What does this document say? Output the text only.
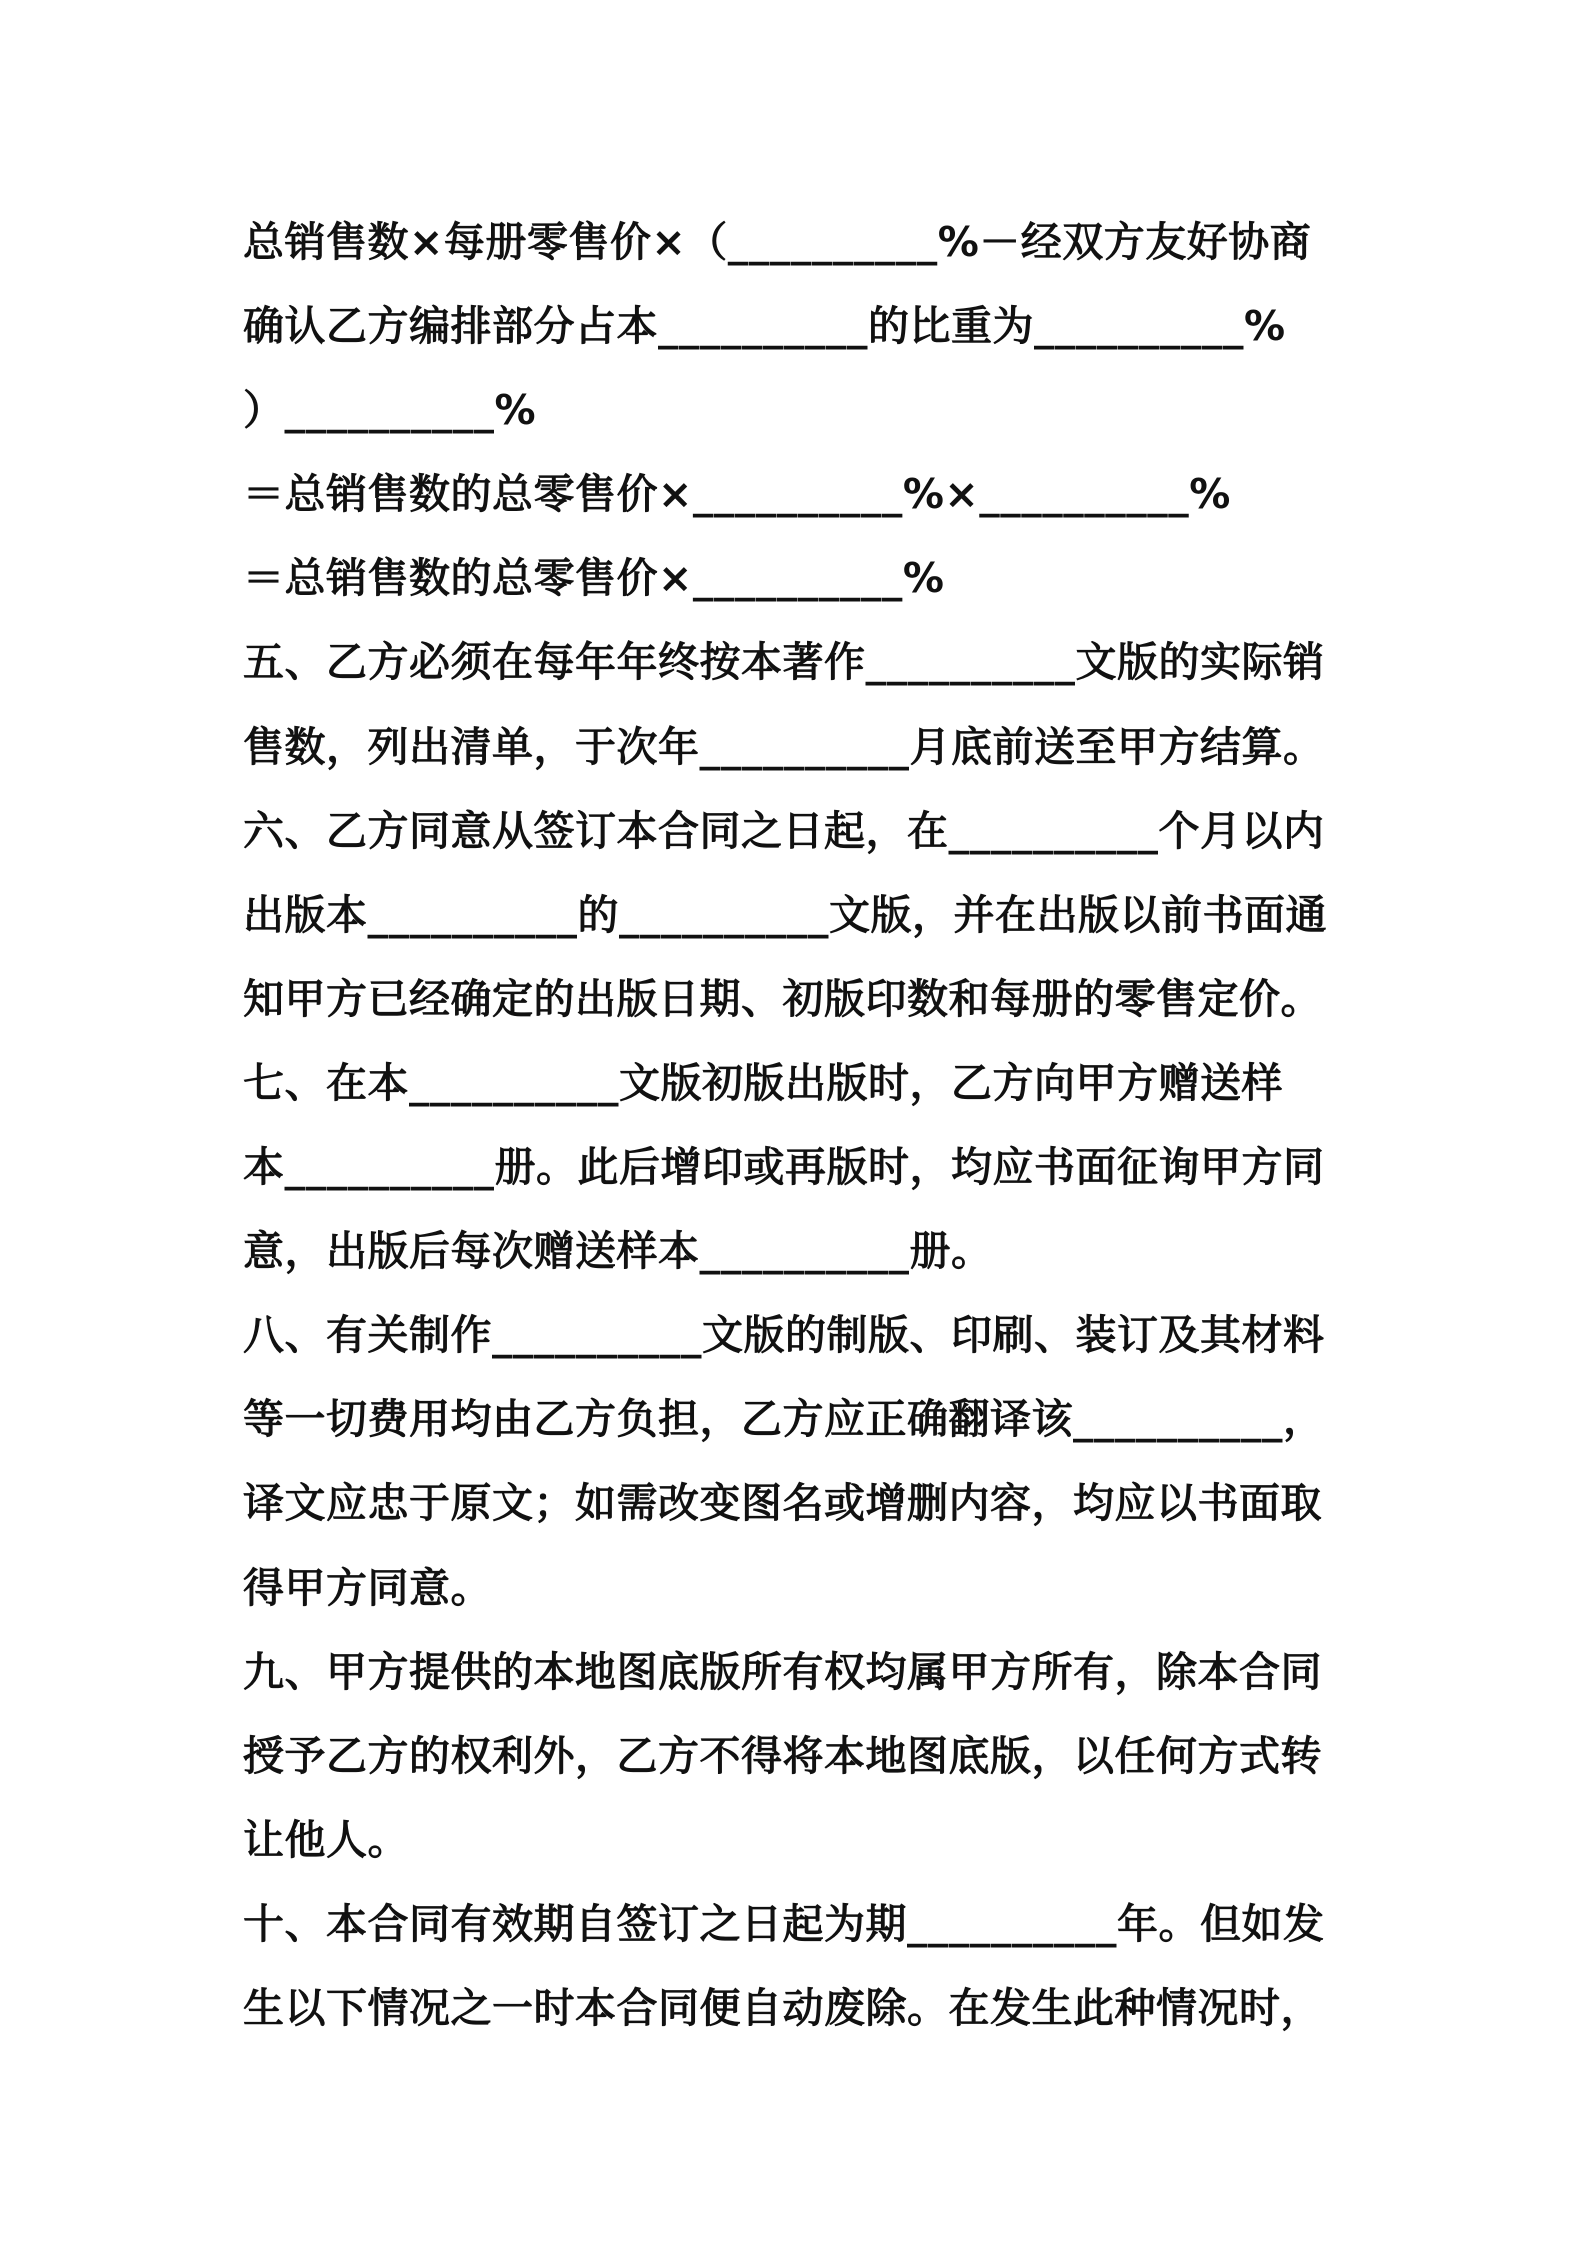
总销售数×每册零售价×（__________%－经双方友好协商
确认乙方编排部分占本__________的比重为__________%
）__________%
＝总销售数的总零售价×__________%×__________%
＝总销售数的总零售价×__________%
五、乙方必须在每年年终按本著作__________文版的实际销
售数，列出清单，于次年__________月底前送至甲方结算。
六、乙方同意从签订本合同之日起，在__________个月以内
出版本__________的__________文版，并在出版以前书面通
知甲方已经确定的出版日期、初版印数和每册的零售定价。
七、在本__________文版初版出版时，乙方向甲方赠送样
本__________册。此后增印或再版时，均应书面征询甲方同
意，出版后每次赠送样本__________册。
八、有关制作__________文版的制版、印刷、装订及其材料
等一切费用均由乙方负担，乙方应正确翻译该__________，
译文应忠于原文；如需改变图名或增删内容，均应以书面取
得甲方同意。
九、甲方提供的本地图底版所有权均属甲方所有，除本合同
授予乙方的权利外，乙方不得将本地图底版，以任何方式转
让他人。
十、本合同有效期自签订之日起为期__________年。但如发
生以下情况之一时本合同便自动废除。在发生此种情况时，
